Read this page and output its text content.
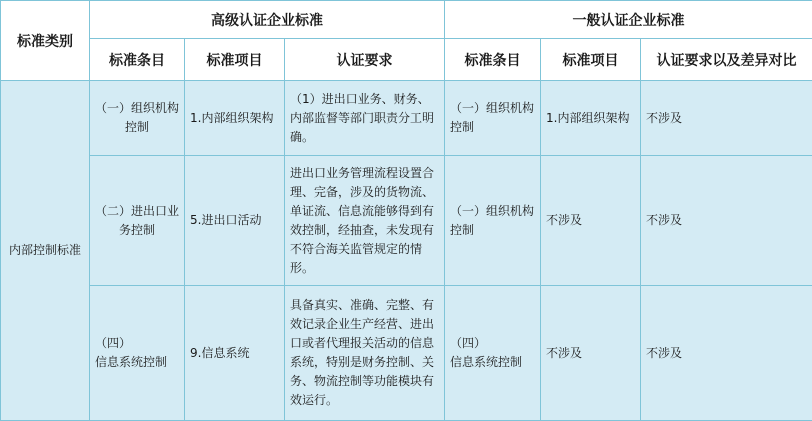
标准类别	高级认证企业标准			一般认证企业标准		
	标准条目	标准项目	认证要求	标准条目	标准项目	认证要求以及差异对比
内部控制标准	（一）组织机构控制	1.内部组织架构	（1）进出口业务、财务、内部监督等部门职责分工明确。	（一）组织机构控制	1.内部组织架构	不涉及
	（二）进出口业务控制	5.进出口活动	进出口业务管理流程设置合理、完备，涉及的货物流、单证流、信息流能够得到有效控制，经抽查，未发现有不符合海关监管规定的情形。	（一）组织机构控制	不涉及	不涉及

	（四）
信息系统控制	9.信息系统	具备真实、准确、完整、有效记录企业生产经营、进出口或者代理报关活动的信息系统，特别是财务控制、关务、物流控制等功能模块有效运行。	（四）
信息系统控制	不涉及	不涉及
